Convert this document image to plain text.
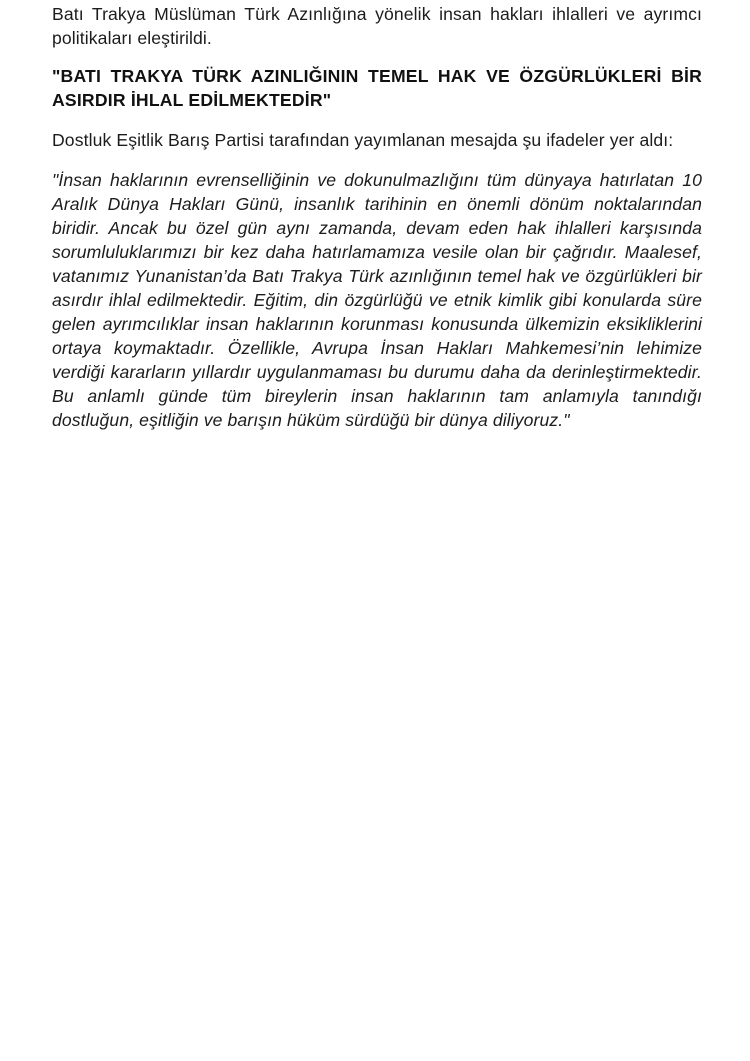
Batı Trakya Müslüman Türk Azınlığına yönelik insan hakları ihlalleri ve ayrımcı politikaları eleştirildi.

"BATI TRAKYA TÜRK AZINLIĞININ TEMEL HAK VE ÖZGÜRLÜKLERİ BİR ASIRDIR İHLAL EDİLMEKTEDİR"

Dostluk Eşitlik Barış Partisi tarafından yayımlanan mesajda şu ifadeler yer aldı:

"İnsan haklarının evrenselliğinin ve dokunulmazlığını tüm dünyaya hatırlatan 10 Aralık Dünya Hakları Günü, insanlık tarihinin en önemli dönüm noktalarından biridir. Ancak bu özel gün aynı zamanda, devam eden hak ihlalleri karşısında sorumluluklarımızı bir kez daha hatırlamamıza vesile olan bir çağrıdır. Maalesef, vatanımız Yunanistan’da Batı Trakya Türk azınlığının temel hak ve özgürlükleri bir asırdır ihlal edilmektedir. Eğitim, din özgürlüğü ve etnik kimlik gibi konularda süre gelen ayrımcılıklar insan haklarının korunması konusunda ülkemizin eksikliklerini ortaya koymaktadır. Özellikle, Avrupa İnsan Hakları Mahkemesi’nin lehimize verdiği kararların yıllardır uygulanmaması bu durumu daha da derinleştirmektedir. Bu anlamlı günde tüm bireylerin insan haklarının tam anlamıyla tanındığı dostluğun, eşitliğin ve barışın hüküm sürdüğü bir dünya diliyoruz."
